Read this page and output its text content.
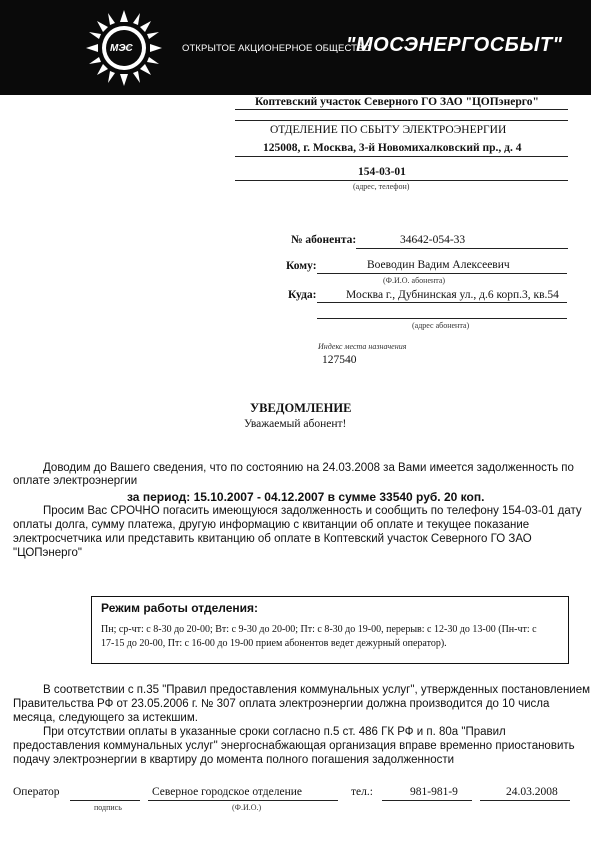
МЭС	ОТКРЫТОЕ АКЦИОНЕРНОЕ ОБЩЕСТВО
"МОСЭНЕРГОСБЫТ"
Коптевский участок Северного ГО ЗАО "ЦОПэнерго"
ОТДЕЛЕНИЕ ПО СБЫТУ ЭЛЕКТРОЭНЕРГИИ
125008, г. Москва, 3-й Новомихалковский пр., д. 4
154-03-01
(адрес, телефон)
№ абонента:	34642-054-33
Кому:	Воеводин Вадим Алексеевич
(Ф.И.О. абонента)
Куда:	Москва г., Дубнинская ул., д.6 корп.3, кв.54
(адрес абонента)
Индекс места назначения
127540
УВЕДОМЛЕНИЕ
Уважаемый абонент!
Доводим до Вашего сведения, что по состоянию на 24.03.2008 за Вами имеется задолженность по
оплате электроэнергии
за период: 15.10.2007 - 04.12.2007 в сумме 33540 руб. 20 коп.
Просим Вас СРОЧНО погасить имеющуюся задолженность и сообщить по телефону 154-03-01 дату
оплаты долга, сумму платежа, другую информацию с квитанции об оплате и текущее показание
электросчетчика или представить квитанцию об оплате в Коптевский участок Северного ГО ЗАО
"ЦОПэнерго"
Режим работы отделения:
Пн; ср-чт: с 8-30 до 20-00; Вт: с 9-30 до 20-00; Пт: с 8-30 до 19-00, перерыв: с 12-30 до 13-00 (Пн-чт: с
17-15 до 20-00, Пт: с 16-00 до 19-00 прием абонентов ведет дежурный оператор).
В соответствии с п.35 "Правил предоставления коммунальных услуг", утвержденных постановлением
Правительства РФ от 23.05.2006 г. № 307 оплата электроэнергии должна производится до 10 числа
месяца, следующего за истекшим.
При отсутствии оплаты в указанные сроки согласно п.5 ст. 486 ГК РФ и п. 80а "Правил
предоставления коммунальных услуг" энергоснабжающая организация вправе временно приостановить
подачу электроэнергии в квартиру до момента полного погашения задолженности
Оператор
подпись
Северное городское отделение
(Ф.И.О.)
тел.:	981-981-9	24.03.2008
